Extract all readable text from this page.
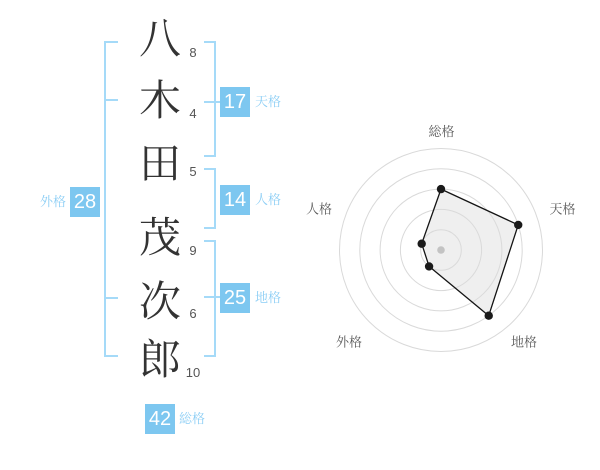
八
木
田
茂
次
郎
8
4
5
9
6
10
17 天格
14 人格
25 地格
外格 28
42 総格
総格
天格
地格
外格
人格
